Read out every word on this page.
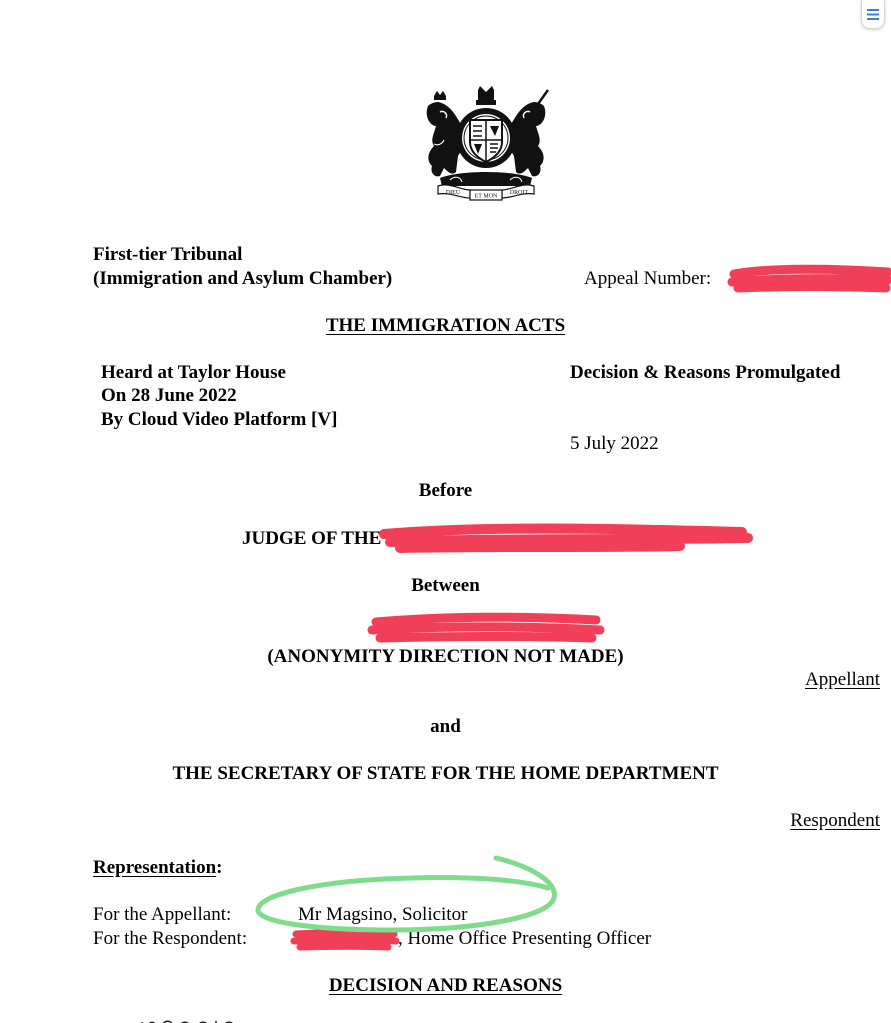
DIEU
ET MON
DROIT
First-tier Tribunal
(Immigration and Asylum Chamber)	Appeal Number:
THE IMMIGRATION ACTS
Heard at Taylor House
On 28 June 2022
By Cloud Video Platform [V]
Decision & Reasons Promulgated
5 July 2022
Before
JUDGE OF THE
Between
(ANONYMITY DIRECTION NOT MADE)
Appellant
and
THE SECRETARY OF STATE FOR THE HOME DEPARTMENT
Respondent
Representation:
For the Appellant:	Mr Magsino, Solicitor
For the Respondent:	, Home Office Presenting Officer
DECISION AND REASONS
